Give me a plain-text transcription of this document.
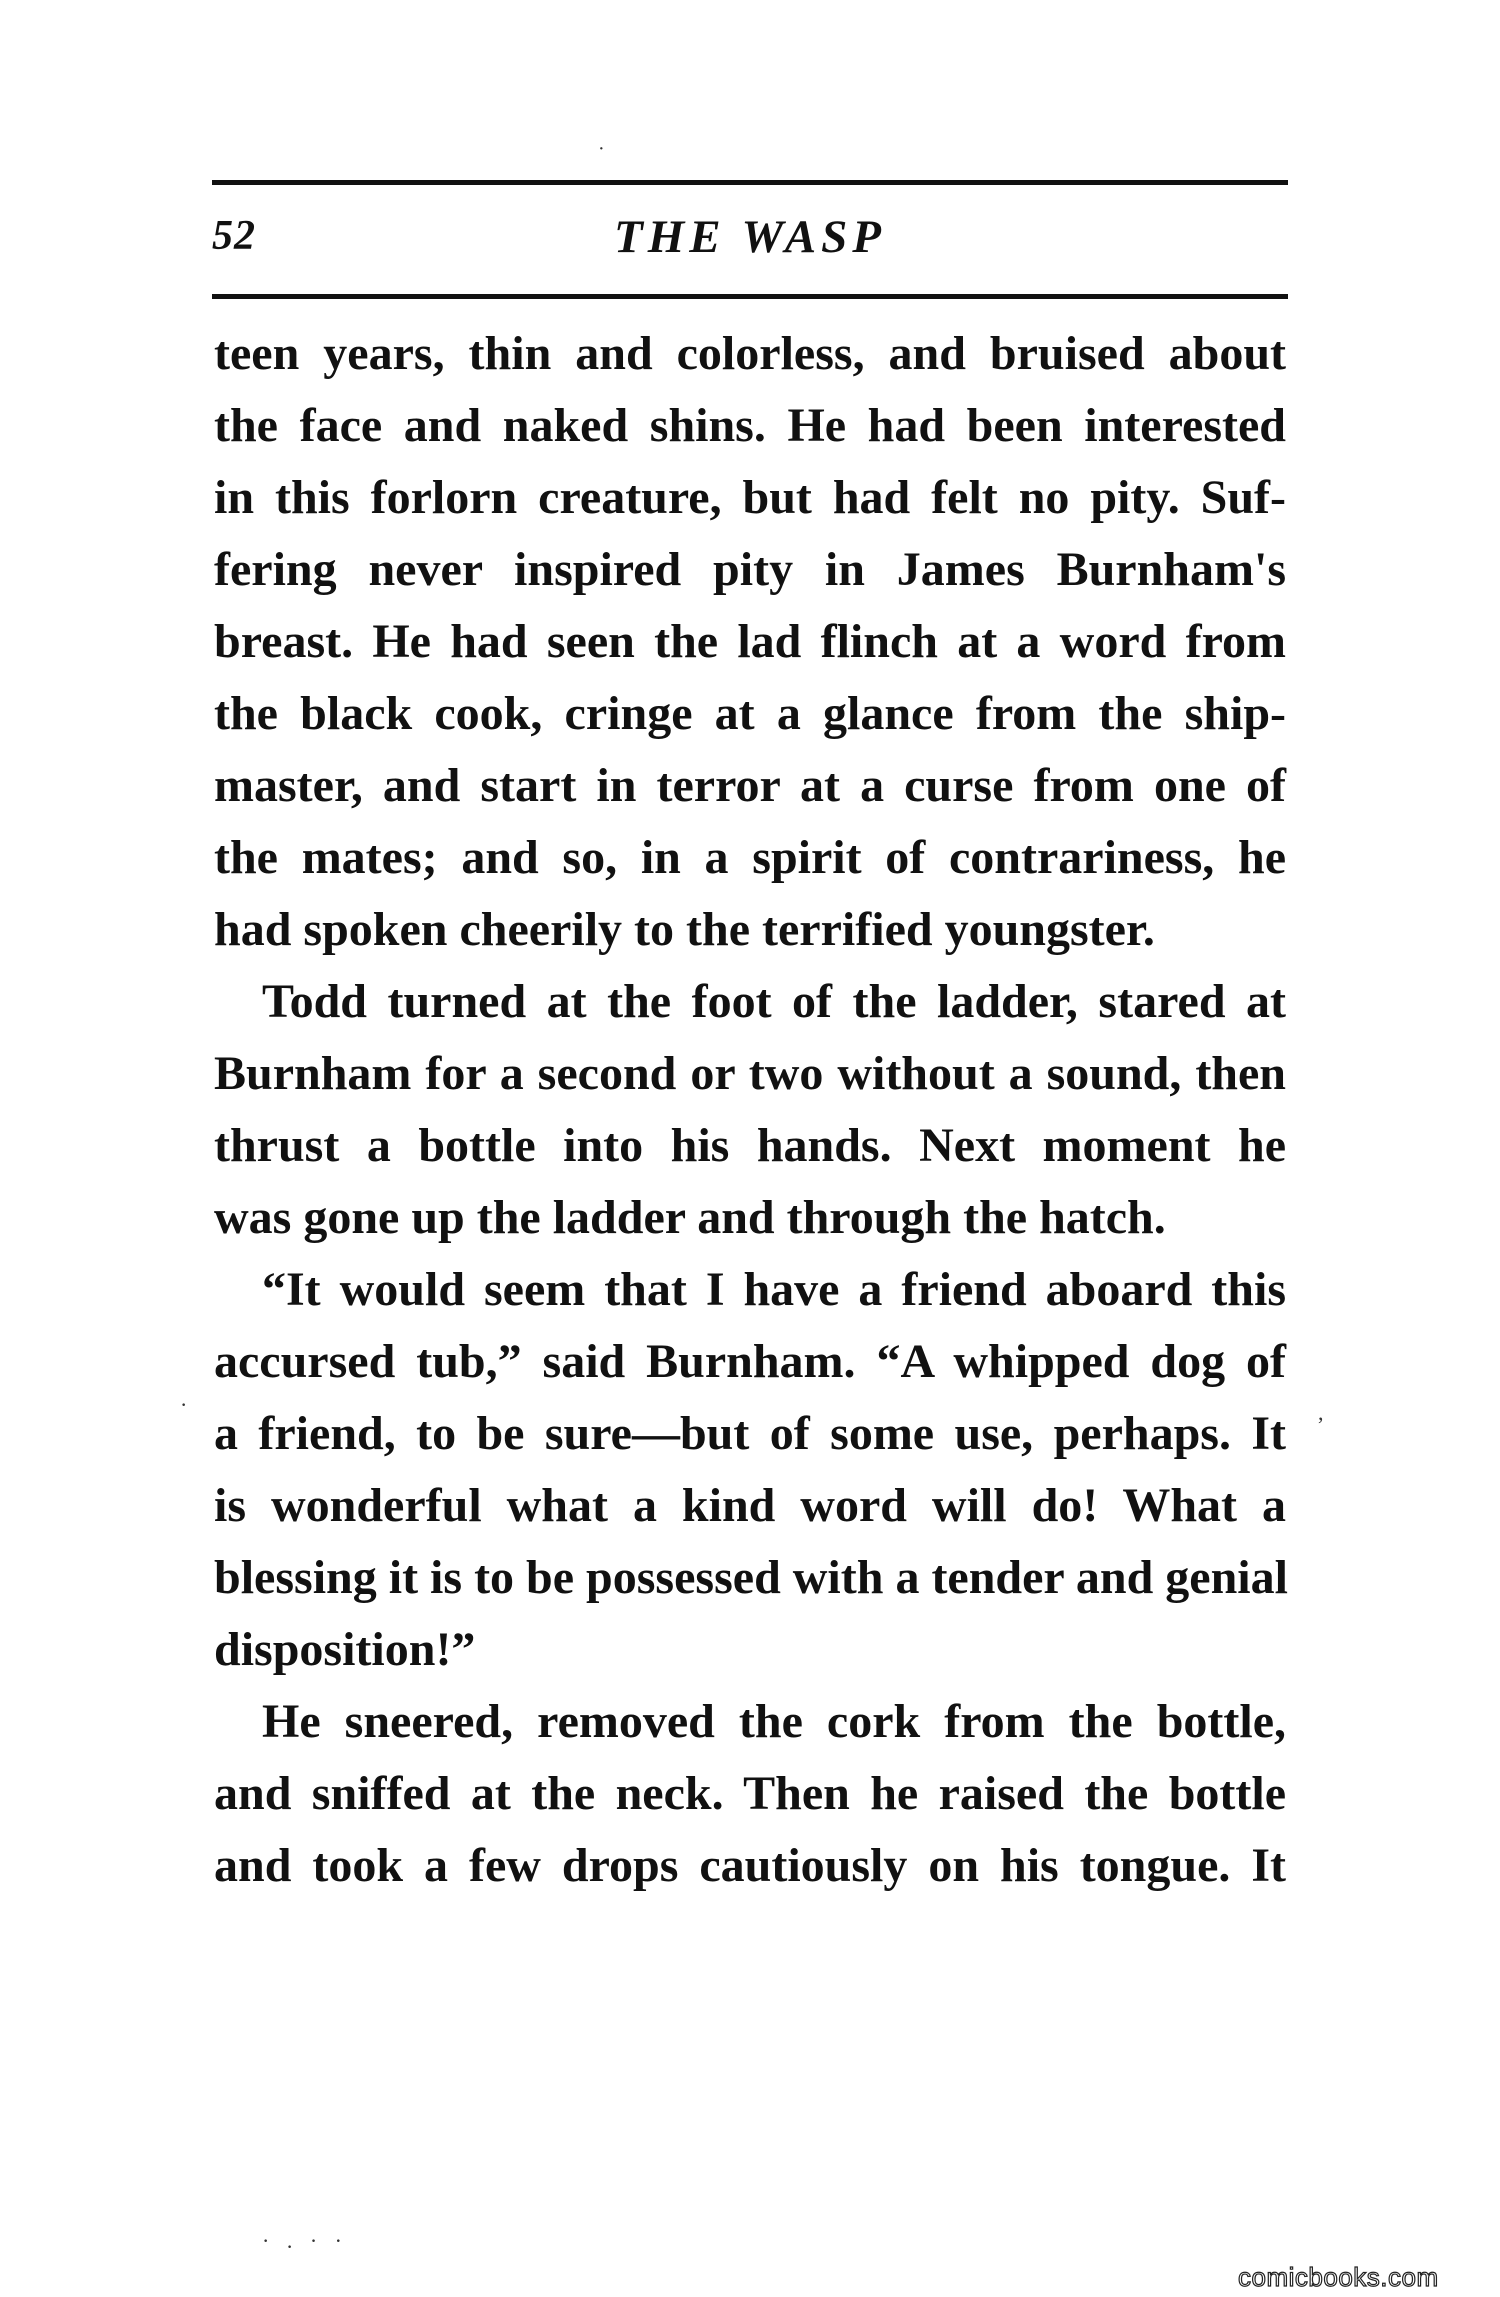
·
52	THE WASP
teen years, thin and colorless, and bruised about
the face and naked shins. He had been interested
in this forlorn creature, but had felt no pity. Suf-
fering never inspired pity in James Burnham's
breast. He had seen the lad flinch at a word from
the black cook, cringe at a glance from the ship-
master, and start in terror at a curse from one of
the mates; and so, in a spirit of contrariness, he
had spoken cheerily to the terrified youngster.
Todd turned at the foot of the ladder, stared at
Burnham for a second or two without a sound, then
thrust a bottle into his hands. Next moment he
was gone up the ladder and through the hatch.
“It would seem that I have a friend aboard this
accursed tub,” said Burnham. “A whipped dog of
a friend, to be sure—but of some use, perhaps. It
is wonderful what a kind word will do! What a
blessing it is to be possessed with a tender and genial
disposition!”
He sneered, removed the cork from the bottle,
and sniffed at the neck. Then he raised the bottle
and took a few drops cautiously on his tongue. It
·	,
· . · ·
comicbooks.com
